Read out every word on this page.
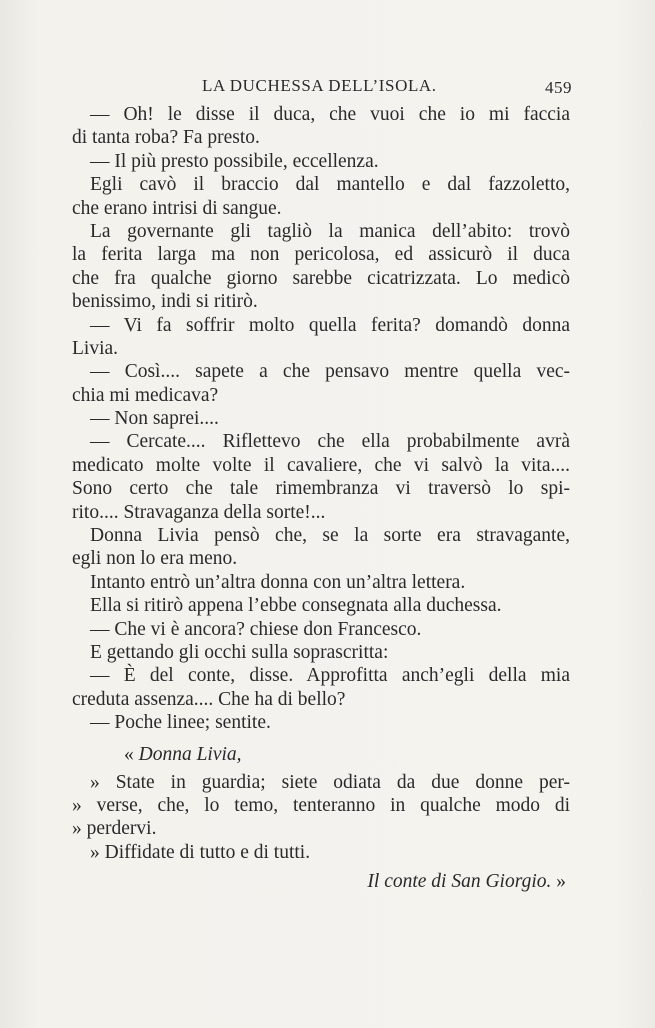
LA DUCHESSA DELL’ISOLA.	459
— Oh! le disse il duca, che vuoi che io mi faccia
di tanta roba? Fa presto.
— Il più presto possibile, eccellenza.
Egli cavò il braccio dal mantello e dal fazzoletto,
che erano intrisi di sangue.
La governante gli tagliò la manica dell’abito: trovò
la ferita larga ma non pericolosa, ed assicurò il duca
che fra qualche giorno sarebbe cicatrizzata. Lo medicò
benissimo, indi si ritirò.
— Vi fa soffrir molto quella ferita? domandò donna
Livia.
— Così.... sapete a che pensavo mentre quella vec-
chia mi medicava?
— Non saprei....
— Cercate.... Riflettevo che ella probabilmente avrà
medicato molte volte il cavaliere, che vi salvò la vita....
Sono certo che tale rimembranza vi traversò lo spi-
rito.... Stravaganza della sorte!...
Donna Livia pensò che, se la sorte era stravagante,
egli non lo era meno.
Intanto entrò un’altra donna con un’altra lettera.
Ella si ritirò appena l’ebbe consegnata alla duchessa.
— Che vi è ancora? chiese don Francesco.
E gettando gli occhi sulla soprascritta:
— È del conte, disse. Approfitta anch’egli della mia
creduta assenza.... Che ha di bello?
— Poche linee; sentite.
« Donna Livia,
» State in guardia; siete odiata da due donne per-
» verse, che, lo temo, tenteranno in qualche modo di
» perdervi.
» Diffidate di tutto e di tutti.
Il conte di San Giorgio. »
